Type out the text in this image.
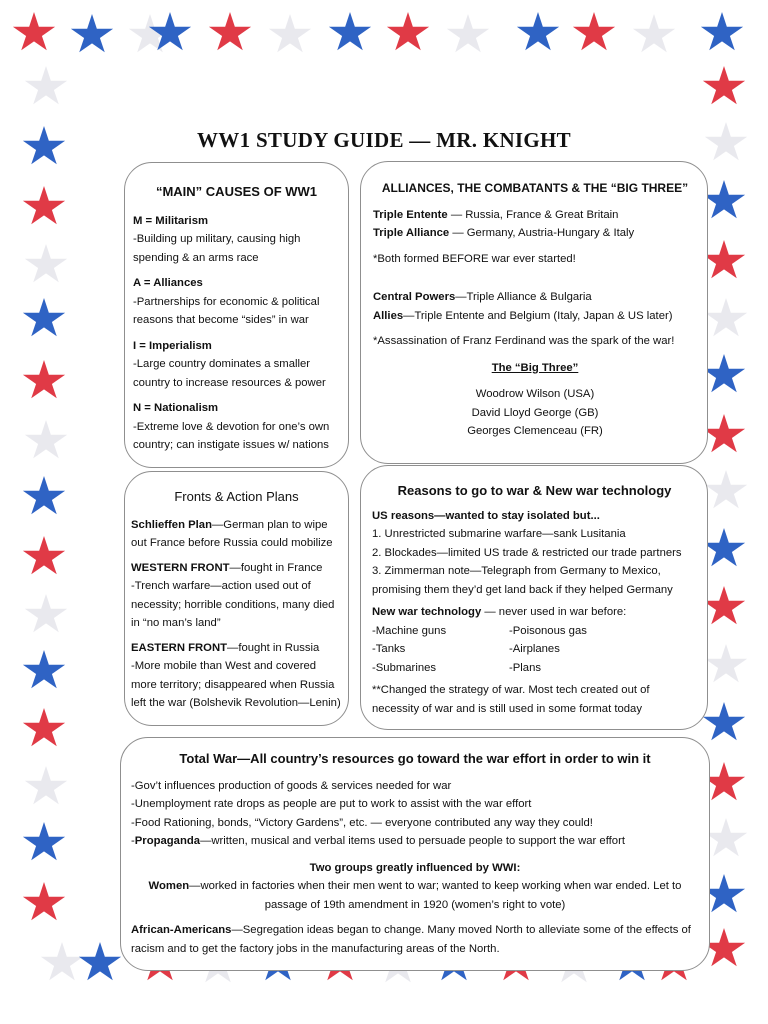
WW1 STUDY GUIDE — MR. KNIGHT
“MAIN” CAUSES OF WW1

M = Militarism

-Building up military, causing high spending & an arms race

A = Alliances

-Partnerships for economic & political reasons that become “sides” in war

I = Imperialism

-Large country dominates a smaller country to increase resources & power

N = Nationalism

-Extreme love & devotion for one’s own country; can instigate issues w/ nations

ALLIANCES, THE COMBATANTS & THE “BIG THREE”

Triple Entente — Russia, France & Great Britain

Triple Alliance — Germany, Austria-Hungary & Italy

*Both formed BEFORE war ever started!

Central Powers—Triple Alliance & Bulgaria

Allies—Triple Entente and Belgium (Italy, Japan & US later)

*Assassination of Franz Ferdinand was the spark of the war!

The “Big Three”

Woodrow Wilson (USA)

David Lloyd George (GB)

Georges Clemenceau (FR)

Fronts & Action Plans

Schlieffen Plan—German plan to wipe out France before Russia could mobilize

WESTERN FRONT—fought in France

-Trench warfare—action used out of necessity; horrible conditions, many died in “no man’s land”

EASTERN FRONT—fought in Russia

-More mobile than West and covered more territory; disappeared when Russia left the war (Bolshevik Revolution—Lenin)

Reasons to go to war & New war technology

US reasons—wanted to stay isolated but...

1. Unrestricted submarine warfare—sank Lusitania

2. Blockades—limited US trade & restricted our trade partners

3. Zimmerman note—Telegraph from Germany to Mexico, promising them they’d get land back if they helped Germany

New war technology — never used in war before:

-Machine guns	-Poisonous gas
-Tanks	-Airplanes
-Submarines	-Plans

**Changed the strategy of war. Most tech created out of necessity of war and is still used in some format today

Total War—All country’s resources go toward the war effort in order to win it

-Gov’t influences production of goods & services needed for war

-Unemployment rate drops as people are put to work to assist with the war effort

-Food Rationing, bonds, “Victory Gardens”, etc. — everyone contributed any way they could!

-Propaganda—written, musical and verbal items used to persuade people to support the war effort

Two groups greatly influenced by WWI:

Women—worked in factories when their men went to war; wanted to keep working when war ended. Let to passage of 19th amendment in 1920 (women’s right to vote)

African-Americans—Segregation ideas began to change. Many moved North to alleviate some of the effects of racism and to get the factory jobs in the manufacturing areas of the North.
